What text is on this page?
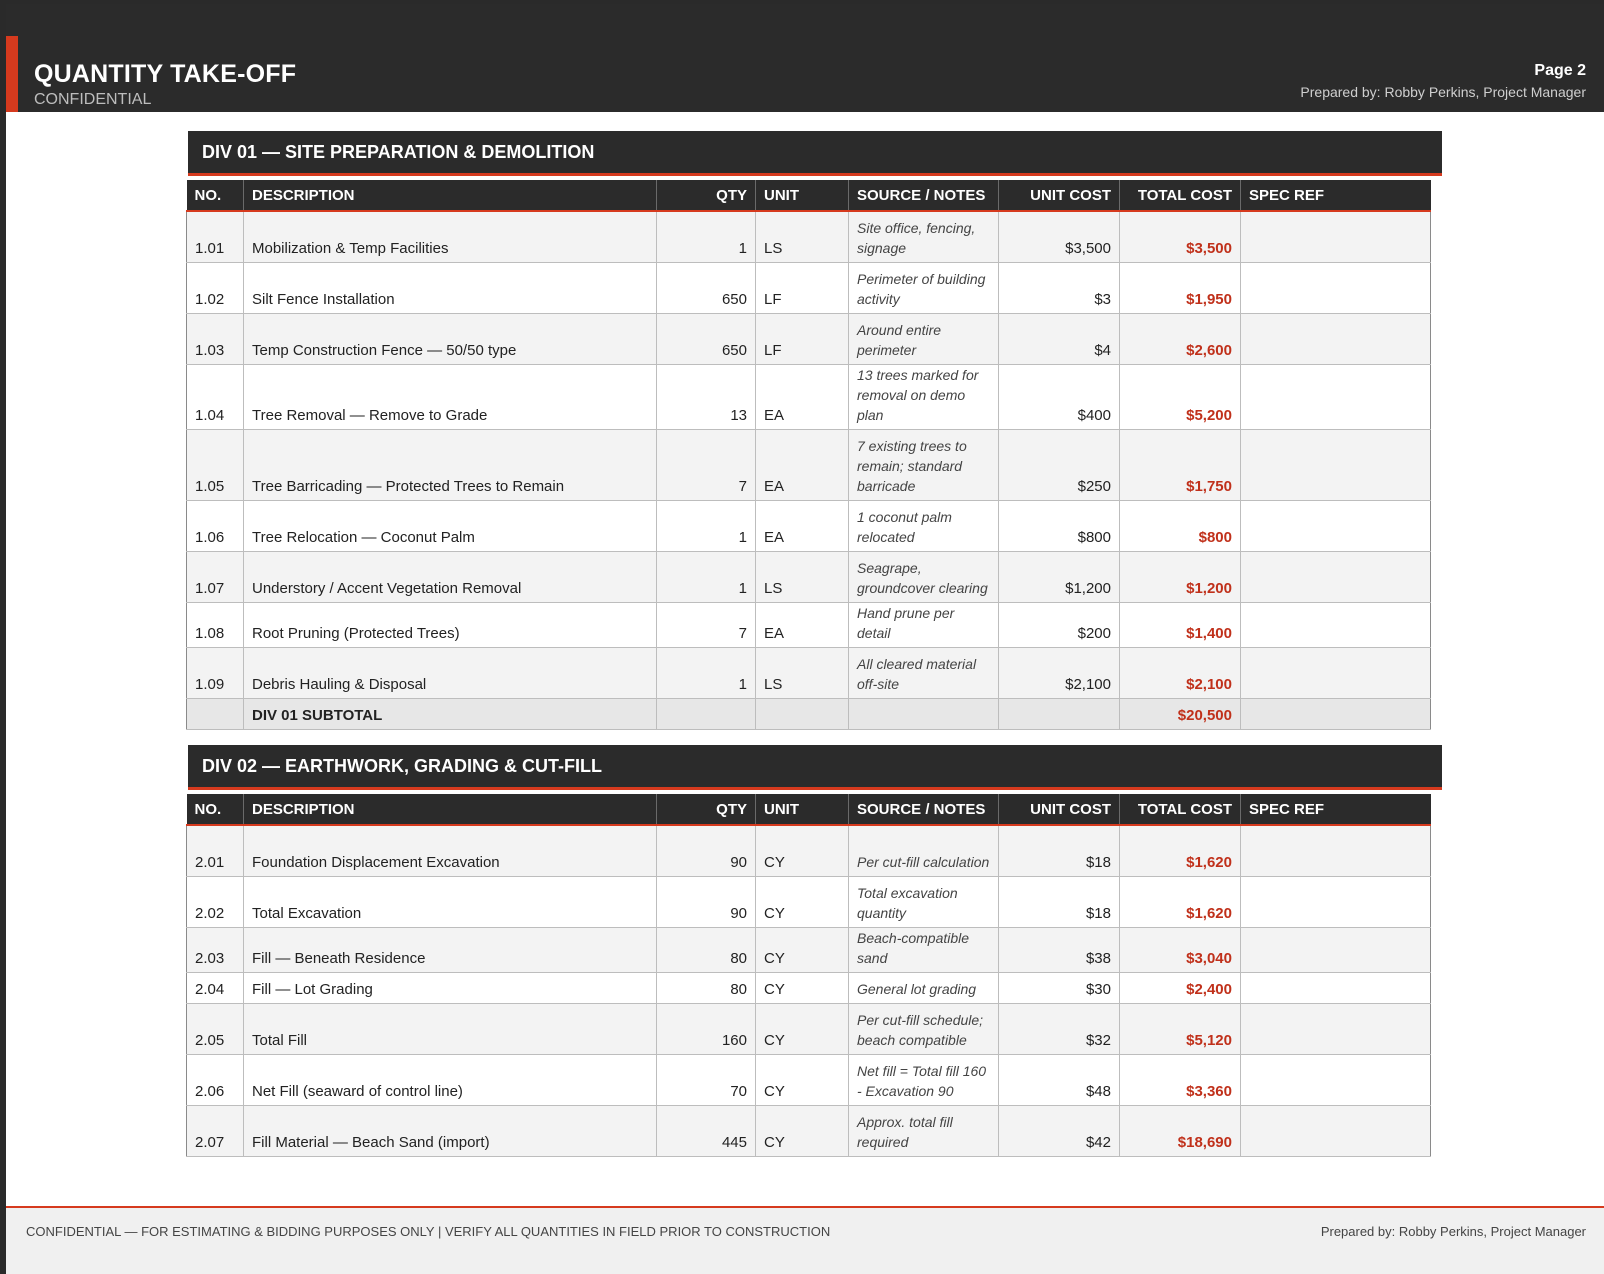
QUANTITY TAKE-OFF
CONFIDENTIAL
Page 2
Prepared by: Robby Perkins, Project Manager
DIV 01 — SITE PREPARATION & DEMOLITION
NO.	DESCRIPTION	QTY	UNIT	SOURCE / NOTES	UNIT COST	TOTAL COST	SPEC REF
1.01	Mobilization & Temp Facilities	1	LS	Site office, fencing, signage	$3,500	$3,500	
1.02	Silt Fence Installation	650	LF	Perimeter of building activity	$3	$1,950	
1.03	Temp Construction Fence — 50/50 type	650	LF	Around entire perimeter	$4	$2,600	
1.04	Tree Removal — Remove to Grade	13	EA	13 trees marked for removal on demo plan	$400	$5,200	
1.05	Tree Barricading — Protected Trees to Remain	7	EA	7 existing trees to remain; standard barricade	$250	$1,750	
1.06	Tree Relocation — Coconut Palm	1	EA	1 coconut palm relocated	$800	$800	
1.07	Understory / Accent Vegetation Removal	1	LS	Seagrape, groundcover clearing	$1,200	$1,200	
1.08	Root Pruning (Protected Trees)	7	EA	Hand prune per detail	$200	$1,400	
1.09	Debris Hauling & Disposal	1	LS	All cleared material off-site	$2,100	$2,100	
	DIV 01 SUBTOTAL					$20,500	
DIV 02 — EARTHWORK, GRADING & CUT-FILL
NO.	DESCRIPTION	QTY	UNIT	SOURCE / NOTES	UNIT COST	TOTAL COST	SPEC REF
2.01	Foundation Displacement Excavation	90	CY	Per cut-fill calculation	$18	$1,620	
2.02	Total Excavation	90	CY	Total excavation quantity	$18	$1,620	
2.03	Fill — Beneath Residence	80	CY	Beach-compatible sand	$38	$3,040	
2.04	Fill — Lot Grading	80	CY	General lot grading	$30	$2,400	
2.05	Total Fill	160	CY	Per cut-fill schedule; beach compatible	$32	$5,120	
2.06	Net Fill (seaward of control line)	70	CY	Net fill = Total fill 160 - Excavation 90	$48	$3,360	
2.07	Fill Material — Beach Sand (import)	445	CY	Approx. total fill required	$42	$18,690	
CONFIDENTIAL — FOR ESTIMATING & BIDDING PURPOSES ONLY | VERIFY ALL QUANTITIES IN FIELD PRIOR TO CONSTRUCTION	Prepared by: Robby Perkins, Project Manager
